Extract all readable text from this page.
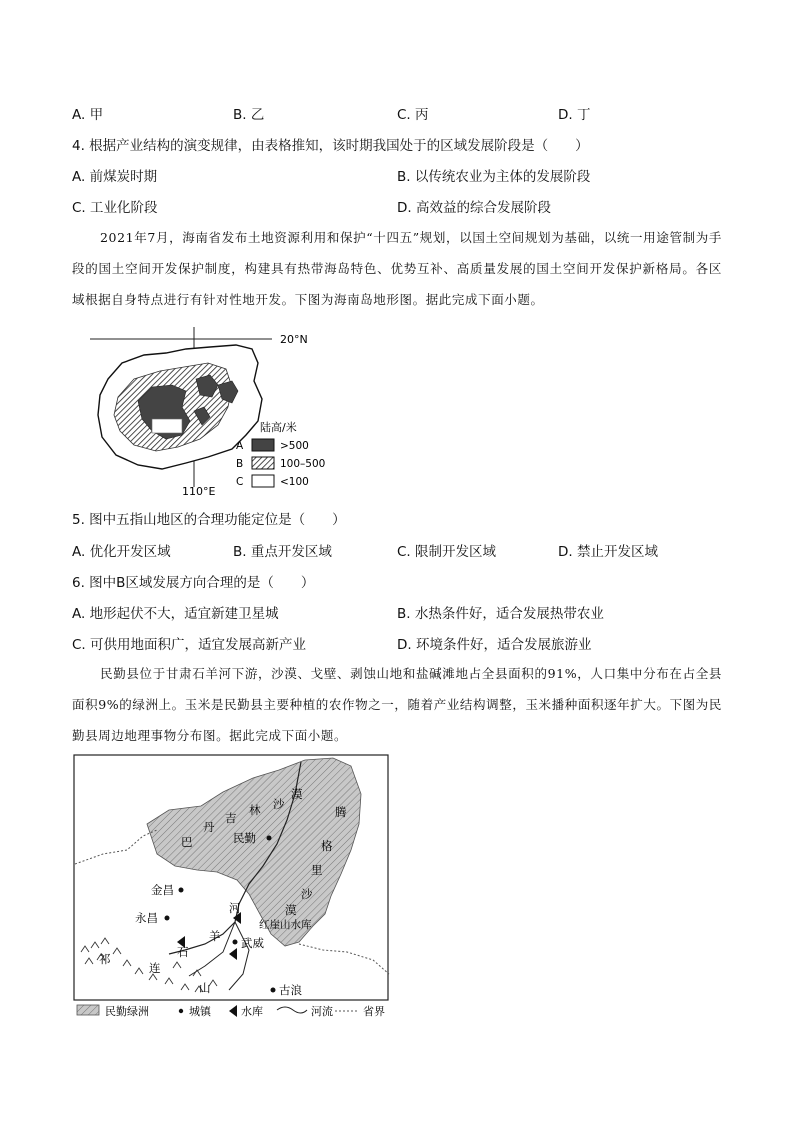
A. 甲	B. 乙	C. 丙	D. 丁
4. 根据产业结构的演变规律，由表格推知，该时期我国处于的区域发展阶段是（　　）
A. 前煤炭时期	B. 以传统农业为主体的发展阶段
C. 工业化阶段	D. 高效益的综合发展阶段
2021年7月，海南省发布土地资源利用和保护“十四五”规划，以国土空间规划为基础，以统一用途管制为手段的国土空间开发保护制度，构建具有热带海岛特色、优势互补、高质量发展的国土空间开发保护新格局。各区域根据自身特点进行有针对性地开发。下图为海南岛地形图。据此完成下面小题。
20°N
110°E
陆高/米
A	>500
B	100–500
C	<100
5. 图中五指山地区的合理功能定位是（　　）
A. 优化开发区域	B. 重点开发区域	C. 限制开发区域	D. 禁止开发区域
6. 图中B区域发展方向合理的是（　　）
A. 地形起伏不大，适宜新建卫星城	B. 水热条件好，适合发展热带农业
C. 可供用地面积广，适宜发展高新产业	D. 环境条件好，适合发展旅游业
民勤县位于甘肃石羊河下游，沙漠、戈壁、剥蚀山地和盐碱滩地占全县面积的91%，人口集中分布在占全县面积9%的绿洲上。玉米是民勤县主要种植的农作物之一，随着产业结构调整，玉米播种面积逐年扩大。下图为民勤县周边地理事物分布图。据此完成下面小题。
巴
丹
吉
林 沙
漠
腾
格
里
沙
漠
石
羊
河
祁
连
山
红崖山水库
民勤
金昌
永昌
武威
古浪
民勤绿洲	城镇	水库	河流	省界
